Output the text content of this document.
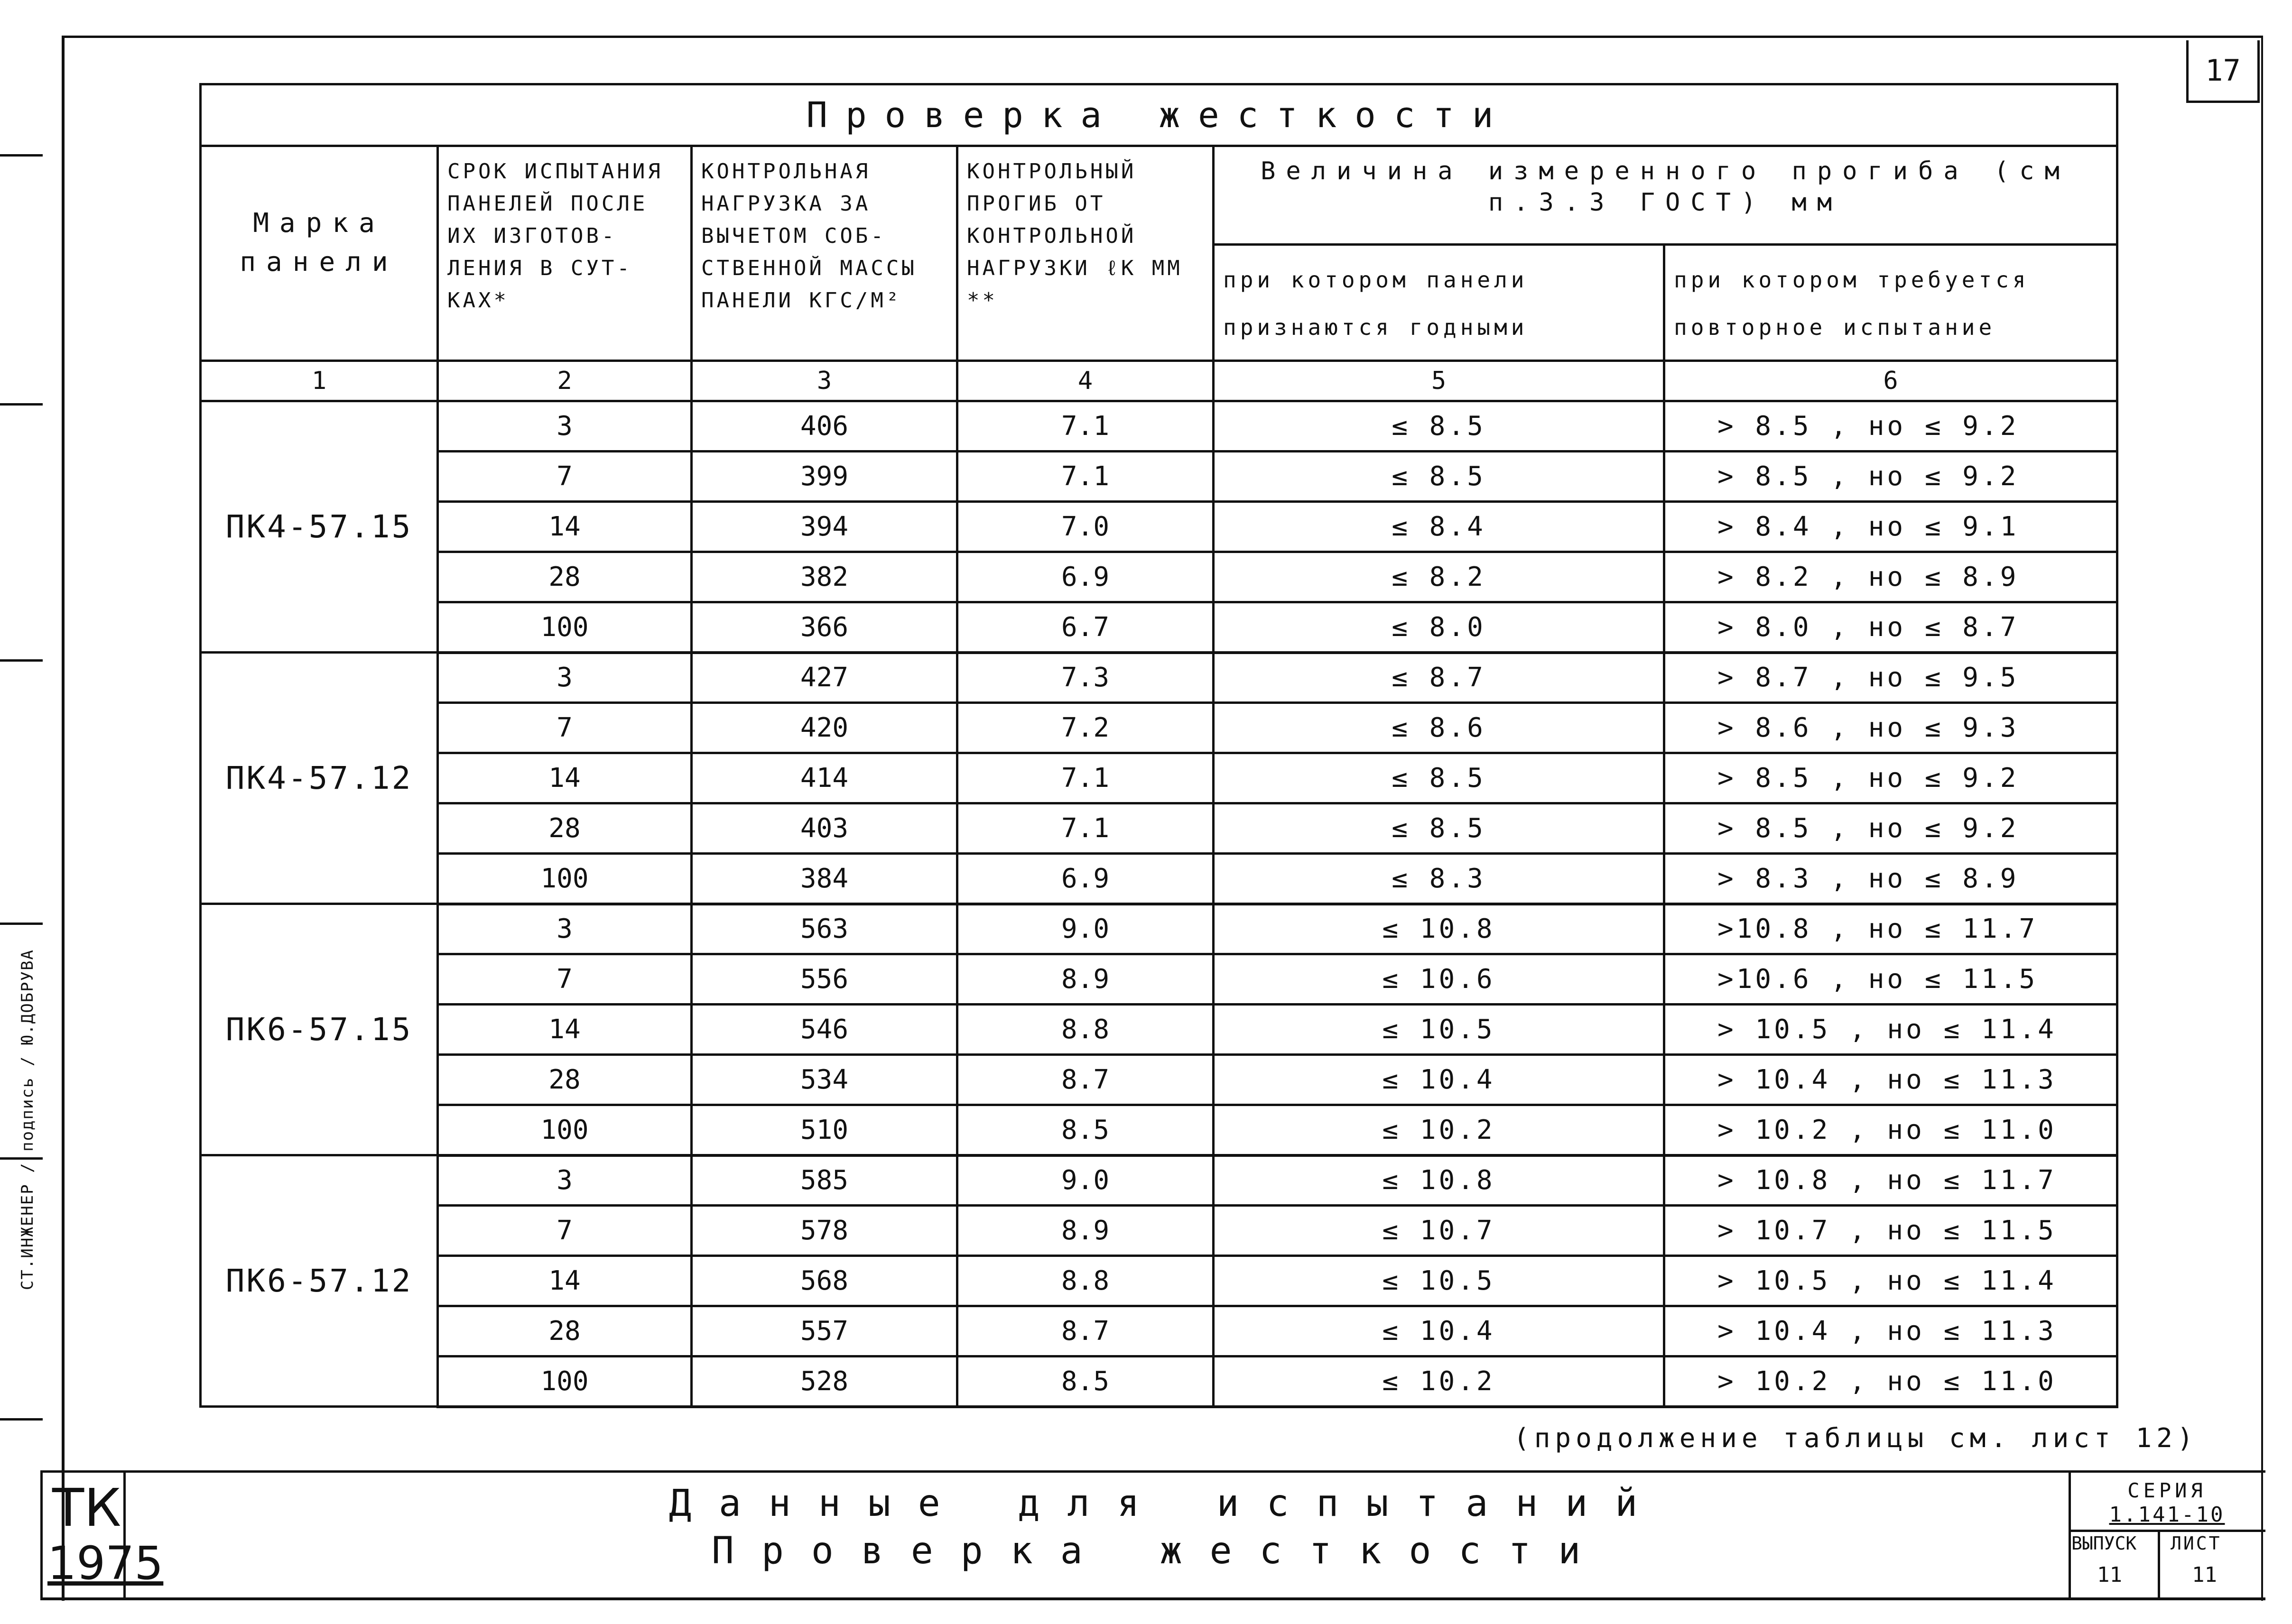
СТ.ИНЖЕНЕР / подпись / Ю.ДОБРУВА
17
Проверка жесткости					

Марка панели	СРОК ИСПЫТАНИЯ ПАНЕЛЕЙ ПОСЛЕ ИХ ИЗГОТОВ-ЛЕНИЯ В СУТ-КАХ*	КОНТРОЛЬНАЯ НАГРУЗКА ЗА ВЫЧЕТОМ СОБ-СТВЕННОЙ МАССЫ ПАНЕЛИ КГС/М²	КОНТРОЛЬНЫЙ ПРОГИБ ОТ КОНТРОЛЬНОЙ НАГРУЗКИ ℓК ММ **	Величина измеренного прогиба (см п.3.3 ГОСТ) мм	

				при котором панели признаются годными	при котором требуется повторное испытание

1	2	3	4	5	6
ПК4-57.15	3	406	7.1	≤ 8.5	> 8.5 , но ≤ 9.2
	7	399	7.1	≤ 8.5	> 8.5 , но ≤ 9.2
	14	394	7.0	≤ 8.4	> 8.4 , но ≤ 9.1
	28	382	6.9	≤ 8.2	> 8.2 , но ≤ 8.9
	100	366	6.7	≤ 8.0	> 8.0 , но ≤ 8.7
ПК4-57.12	3	427	7.3	≤ 8.7	> 8.7 , но ≤ 9.5
	7	420	7.2	≤ 8.6	> 8.6 , но ≤ 9.3
	14	414	7.1	≤ 8.5	> 8.5 , но ≤ 9.2
	28	403	7.1	≤ 8.5	> 8.5 , но ≤ 9.2
	100	384	6.9	≤ 8.3	> 8.3 , но ≤ 8.9
ПК6-57.15	3	563	9.0	≤ 10.8	>10.8 , но ≤ 11.7
	7	556	8.9	≤ 10.6	>10.6 , но ≤ 11.5
	14	546	8.8	≤ 10.5	> 10.5 , но ≤ 11.4
	28	534	8.7	≤ 10.4	> 10.4 , но ≤ 11.3
	100	510	8.5	≤ 10.2	> 10.2 , но ≤ 11.0
ПК6-57.12	3	585	9.0	≤ 10.8	> 10.8 , но ≤ 11.7
	7	578	8.9	≤ 10.7	> 10.7 , но ≤ 11.5
	14	568	8.8	≤ 10.5	> 10.5 , но ≤ 11.4
	28	557	8.7	≤ 10.4	> 10.4 , но ≤ 11.3
	100	528	8.5	≤ 10.2	> 10.2 , но ≤ 11.0
(продолжение таблицы см. лист 12)
ТК
1975
Данные для испытаний
Проверка жесткости
СЕРИЯ
1.141-10
ВЫПУСК ЛИСТ
11	11
